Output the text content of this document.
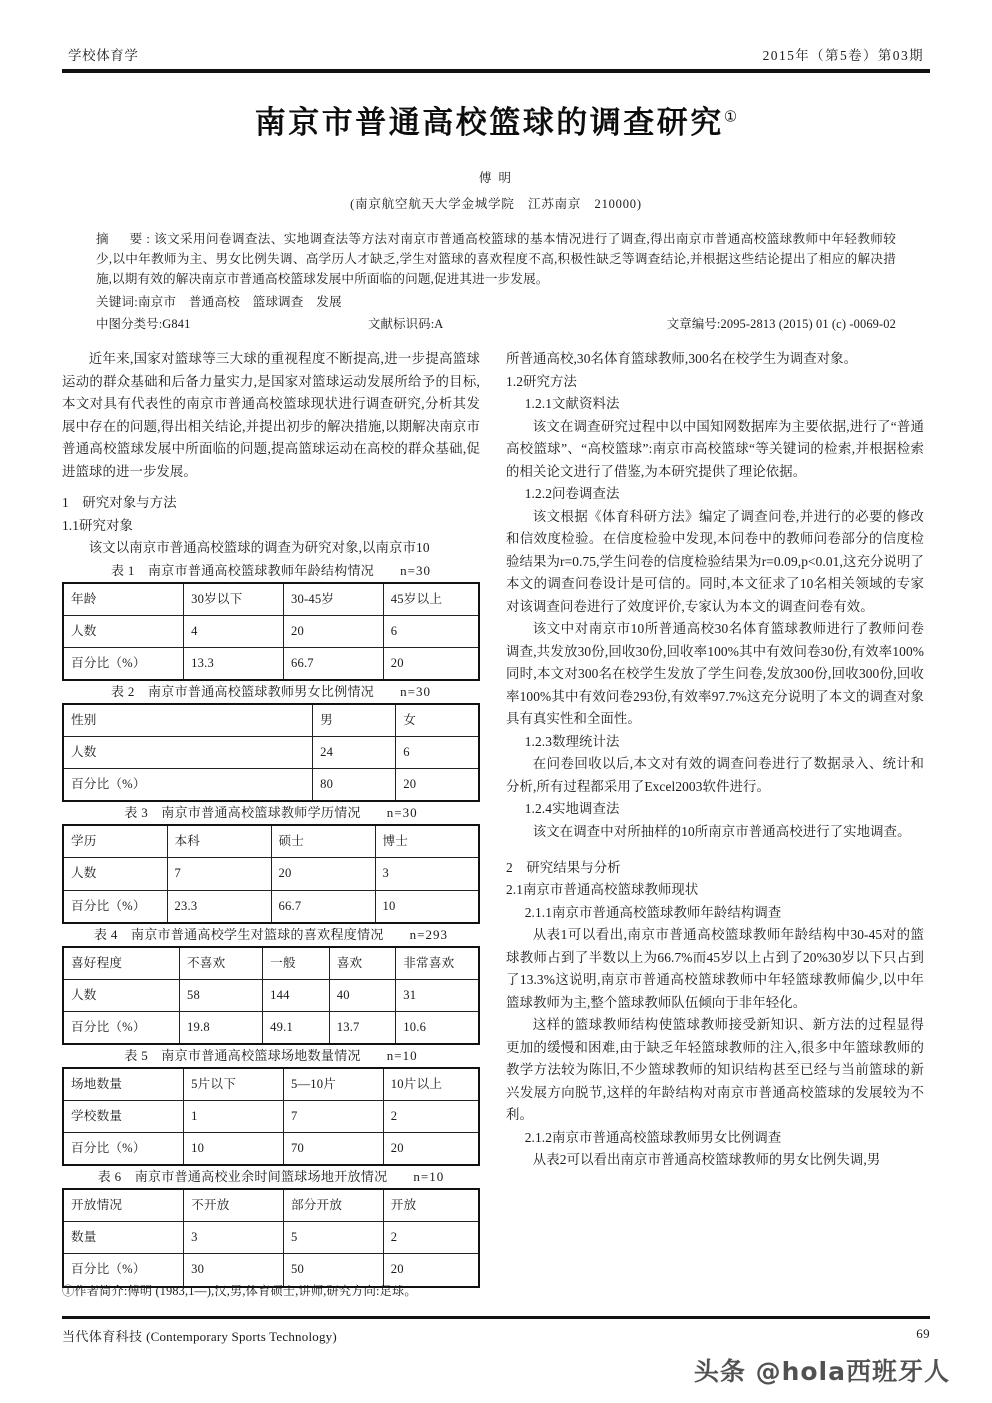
学校体育学	2015年（第5卷）第03期
南京市普通高校篮球的调查研究①

傅 明

(南京航空航天大学金城学院　江苏南京　210000)

摘　要:该文采用问卷调查法、实地调查法等方法对南京市普通高校篮球的基本情况进行了调查,得出南京市普通高校篮球教师中年轻教师较少,以中年教师为主、男女比例失调、高学历人才缺乏,学生对篮球的喜欢程度不高,积极性缺乏等调查结论,并根据这些结论提出了相应的解决措施,以期有效的解决南京市普通高校篮球发展中所面临的问题,促进其进一步发展。

关键词:南京市　普通高校　篮球调查　发展

中图分类号:G841	文献标识码:A	文章编号:2095-2813 (2015) 01 (c) -0069-02

近年来,国家对篮球等三大球的重视程度不断提高,进一步提高篮球运动的群众基础和后备力量实力,是国家对篮球运动发展所给予的目标,本文对具有代表性的南京市普通高校篮球现状进行调查研究,分析其发展中存在的问题,得出相关结论,并提出初步的解决措施,以期解决南京市普通高校篮球发展中所面临的问题,提高篮球运动在高校的群众基础,促进篮球的进一步发展。

1　研究对象与方法

1.1研究对象

该文以南京市普通高校篮球的调查为研究对象,以南京市10

表 1　南京市普通高校篮球教师年龄结构情况 n=30

年龄	30岁以下	30-45岁	45岁以上
人数	4	20	6
百分比（%）	13.3	66.7	20

表 2　南京市普通高校篮球教师男女比例情况 n=30

性别	男	女
人数	24	6
百分比（%）	80	20

表 3　南京市普通高校篮球教师学历情况 n=30

学历	本科	硕士	博士
人数	7	20	3
百分比（%）	23.3	66.7	10

表 4　南京市普通高校学生对篮球的喜欢程度情况 n=293

喜好程度	不喜欢	一般	喜欢	非常喜欢
人数	58	144	40	31
百分比（%）	19.8	49.1	13.7	10.6

表 5　南京市普通高校篮球场地数量情况 n=10

场地数量	5片以下	5—10片	10片以上
学校数量	1	7	2
百分比（%）	10	70	20

表 6　南京市普通高校业余时间篮球场地开放情况 n=10

开放情况	不开放	部分开放	开放
数量	3	5	2
百分比（%）	30	50	20

所普通高校,30名体育篮球教师,300名在校学生为调查对象。

1.2研究方法

1.2.1文献资料法

该文在调查研究过程中以中国知网数据库为主要依据,进行了“普通高校篮球”、“高校篮球”:南京市高校篮球“等关键词的检索,并根据检索的相关论文进行了借鉴,为本研究提供了理论依据。

1.2.2问卷调查法

该文根据《体育科研方法》编定了调查问卷,并进行的必要的修改和信效度检验。在信度检验中发现,本问卷中的教师问卷部分的信度检验结果为r=0.75,学生问卷的信度检验结果为r=0.09,p<0.01,这充分说明了本文的调查问卷设计是可信的。同时,本文征求了10名相关领域的专家对该调查问卷进行了效度评价,专家认为本文的调查问卷有效。

该文中对南京市10所普通高校30名体育篮球教师进行了教师问卷调查,共发放30份,回收30份,回收率100%其中有效问卷30份,有效率100%同时,本文对300名在校学生发放了学生问卷,发放300份,回收300份,回收率100%其中有效问卷293份,有效率97.7%这充分说明了本文的调查对象具有真实性和全面性。

1.2.3数理统计法

在问卷回收以后,本文对有效的调查问卷进行了数据录入、统计和分析,所有过程都采用了Excel2003软件进行。

1.2.4实地调查法

该文在调查中对所抽样的10所南京市普通高校进行了实地调查。

2　研究结果与分析

2.1南京市普通高校篮球教师现状

2.1.1南京市普通高校篮球教师年龄结构调查

从表1可以看出,南京市普通高校篮球教师年龄结构中30-45对的篮球教师占到了半数以上为66.7%而45岁以上占到了20%30岁以下只占到了13.3%这说明,南京市普通高校篮球教师中年轻篮球教师偏少,以中年篮球教师为主,整个篮球教师队伍倾向于非年轻化。

这样的篮球教师结构使篮球教师接受新知识、新方法的过程显得更加的缓慢和困难,由于缺乏年轻篮球教师的注入,很多中年篮球教师的教学方法较为陈旧,不少篮球教师的知识结构甚至已经与当前篮球的新兴发展方向脱节,这样的年龄结构对南京市普通高校篮球的发展较为不利。

2.1.2南京市普通高校篮球教师男女比例调查

从表2可以看出南京市普通高校篮球教师的男女比例失调,男

①作者简介:傅明 (1983,1—),汉,男,体育硕士,讲师,研究方向:足球。
当代体育科技 (Contemporary Sports Technology)	69
头条 @hola西班牙人
